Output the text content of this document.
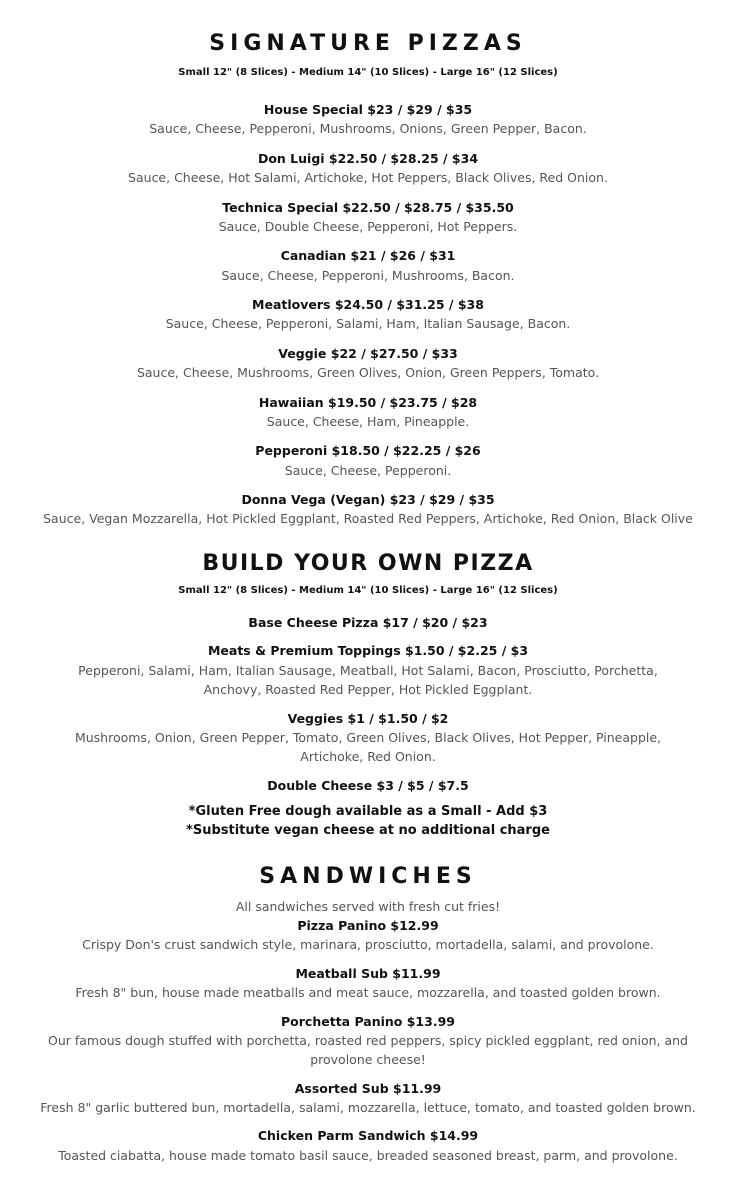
SIGNATURE PIZZAS

Small 12" (8 Slices) - Medium 14" (10 Slices) - Large 16" (12 Slices)

House Special $23 / $29 / $35
Sauce, Cheese, Pepperoni, Mushrooms, Onions, Green Pepper, Bacon.
Don Luigi $22.50 / $28.25 / $34
Sauce, Cheese, Hot Salami, Artichoke, Hot Peppers, Black Olives, Red Onion.
Technica Special $22.50 / $28.75 / $35.50
Sauce, Double Cheese, Pepperoni, Hot Peppers.
Canadian $21 / $26 / $31
Sauce, Cheese, Pepperoni, Mushrooms, Bacon.
Meatlovers $24.50 / $31.25 / $38
Sauce, Cheese, Pepperoni, Salami, Ham, Italian Sausage, Bacon.
Veggie $22 / $27.50 / $33
Sauce, Cheese, Mushrooms, Green Olives, Onion, Green Peppers, Tomato.
Hawaiian $19.50 / $23.75 / $28
Sauce, Cheese, Ham, Pineapple.
Pepperoni $18.50 / $22.25 / $26
Sauce, Cheese, Pepperoni.
Donna Vega (Vegan) $23 / $29 / $35
Sauce, Vegan Mozzarella, Hot Pickled Eggplant, Roasted Red Peppers, Artichoke, Red Onion, Black Olive
BUILD YOUR OWN PIZZA

Small 12" (8 Slices) - Medium 14" (10 Slices) - Large 16" (12 Slices)

Base Cheese Pizza $17 / $20 / $23
Meats & Premium Toppings $1.50 / $2.25 / $3
Pepperoni, Salami, Ham, Italian Sausage, Meatball, Hot Salami, Bacon, Prosciutto, Porchetta, Anchovy, Roasted Red Pepper, Hot Pickled Eggplant.
Veggies $1 / $1.50 / $2
Mushrooms, Onion, Green Pepper, Tomato, Green Olives, Black Olives, Hot Pepper, Pineapple, Artichoke, Red Onion.
Double Cheese $3 / $5 / $7.5
*Gluten Free dough available as a Small - Add $3
*Substitute vegan cheese at no additional charge
SANDWICHES
All sandwiches served with fresh cut fries!
Pizza Panino $12.99
Crispy Don's crust sandwich style, marinara, prosciutto, mortadella, salami, and provolone.
Meatball Sub $11.99
Fresh 8" bun, house made meatballs and meat sauce, mozzarella, and toasted golden brown.
Porchetta Panino $13.99
Our famous dough stuffed with porchetta, roasted red peppers, spicy pickled eggplant, red onion, and provolone cheese!
Assorted Sub $11.99
Fresh 8" garlic buttered bun, mortadella, salami, mozzarella, lettuce, tomato, and toasted golden brown.
Chicken Parm Sandwich $14.99
Toasted ciabatta, house made tomato basil sauce, breaded seasoned breast, parm, and provolone.
